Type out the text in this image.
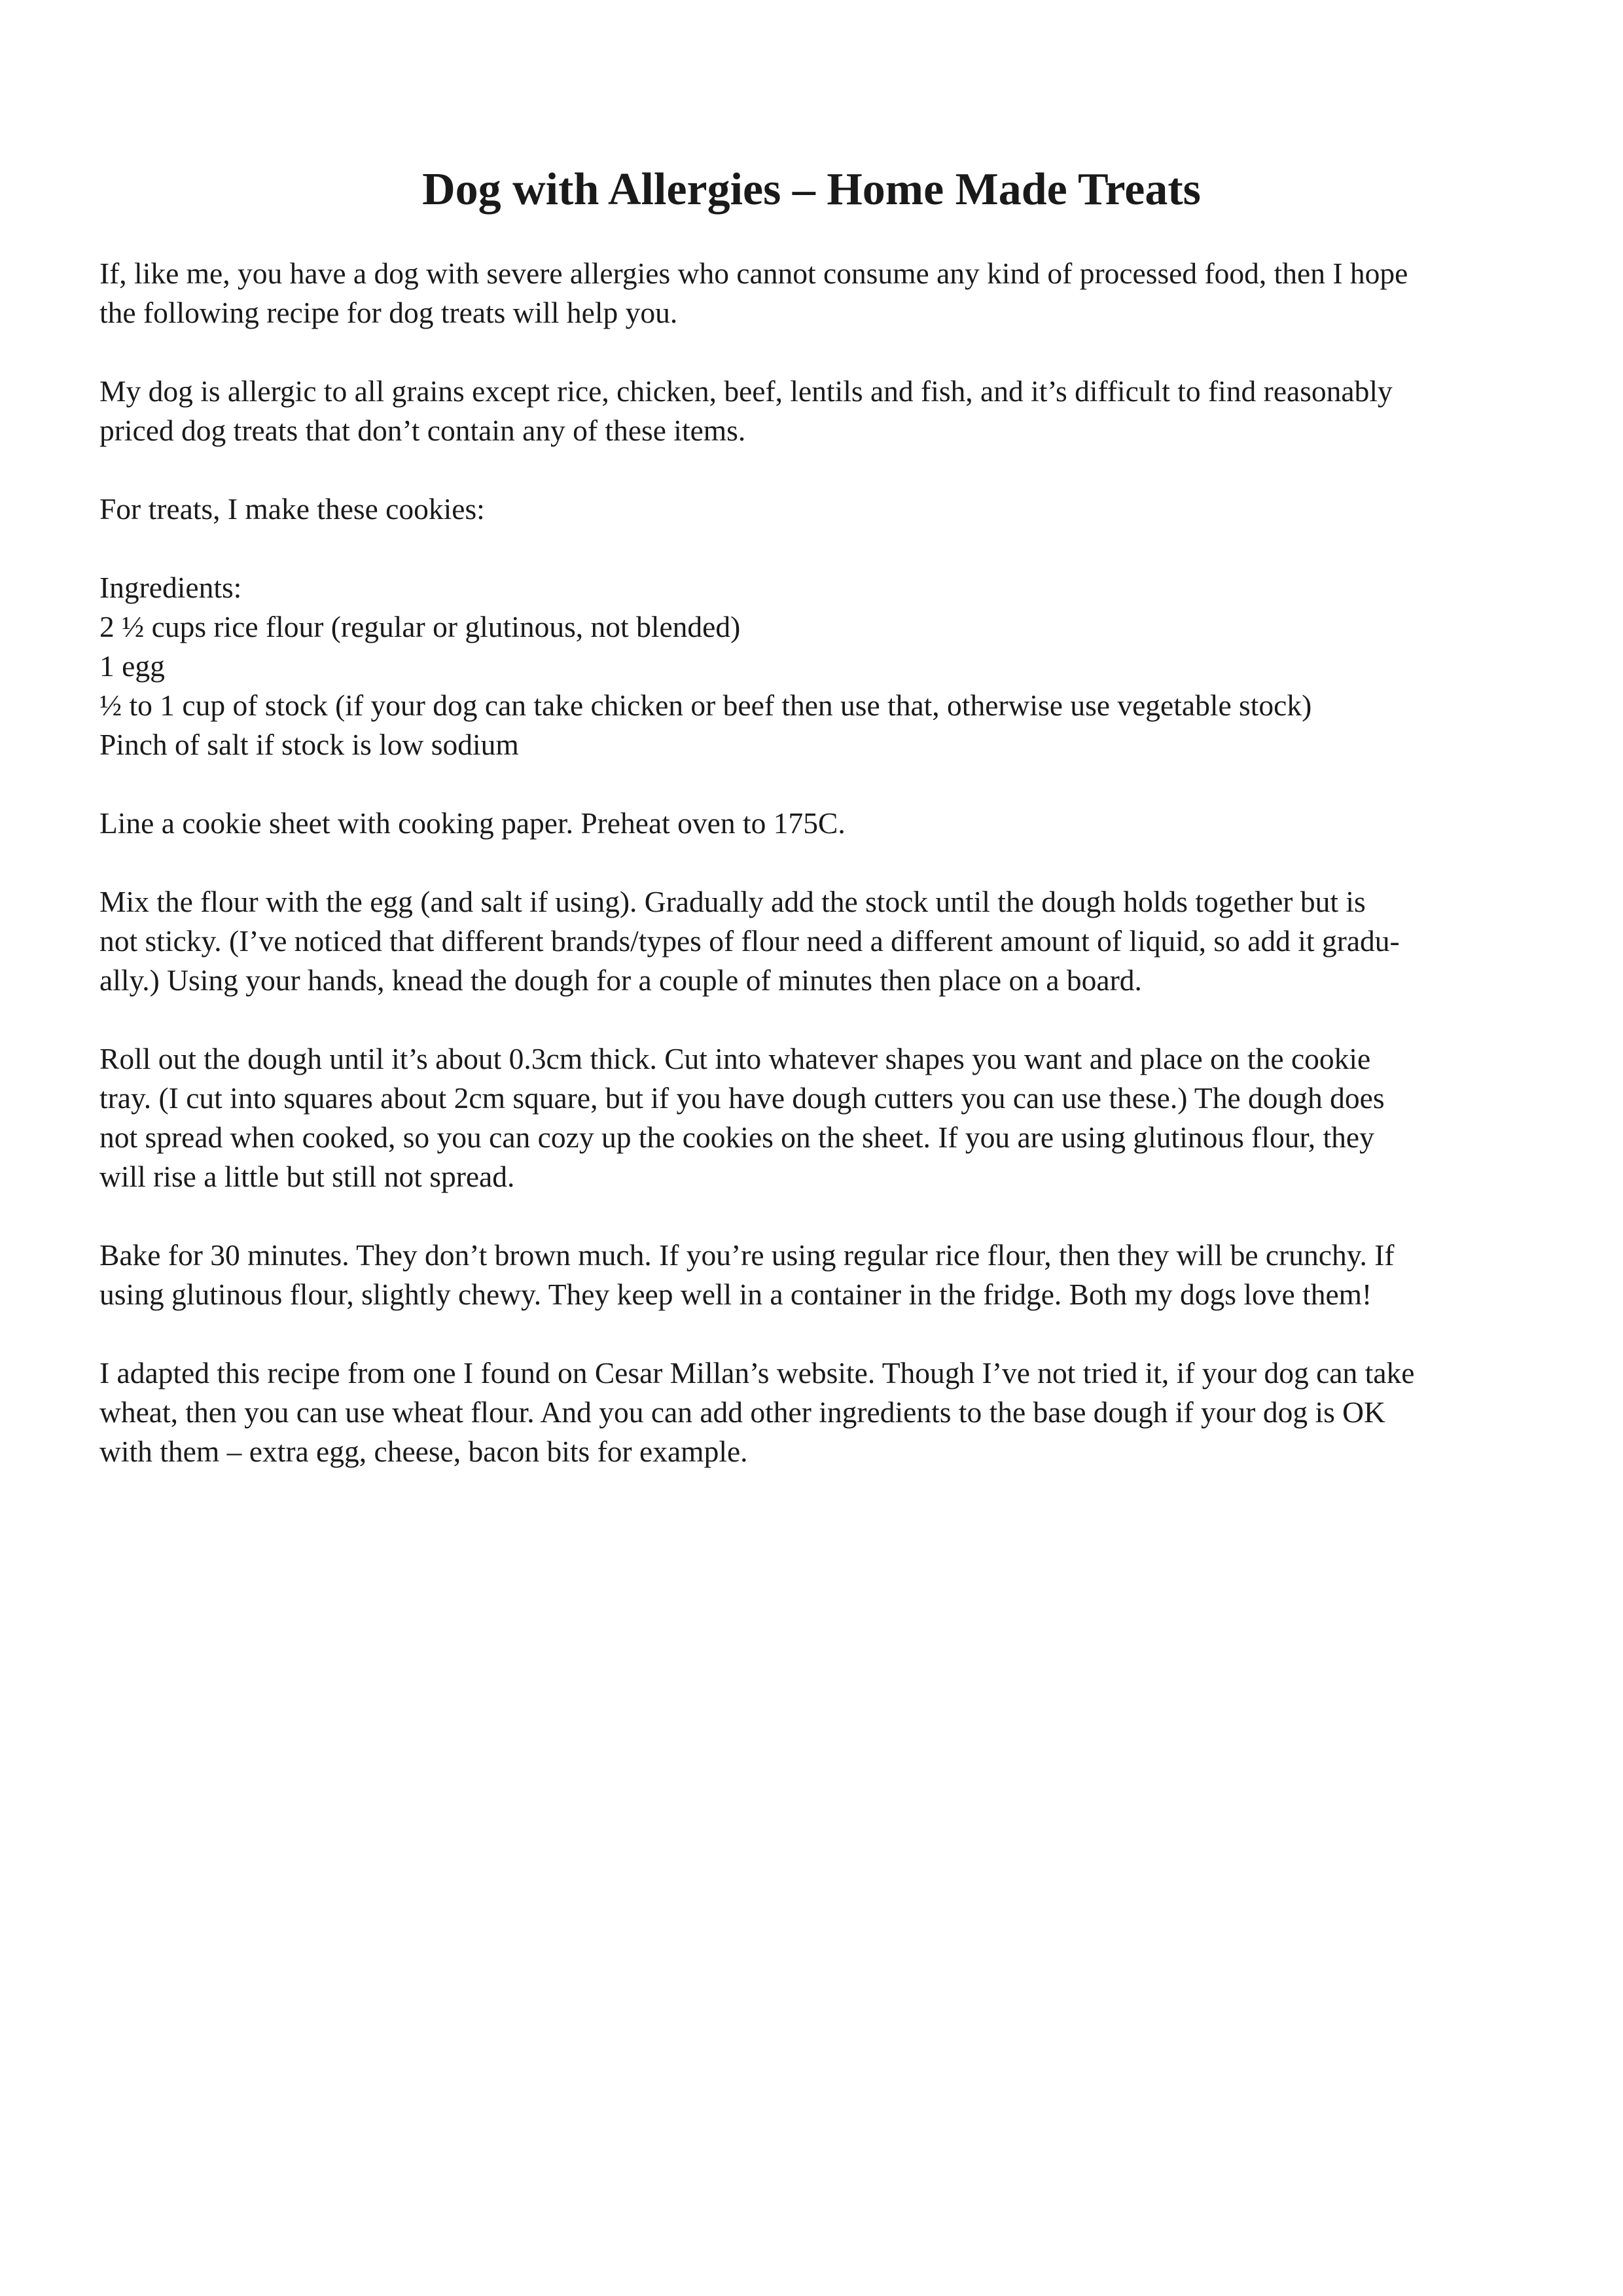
Dog with Allergies – Home Made Treats

If, like me, you have a dog with severe allergies who cannot consume any kind of processed food, then I hope
the following recipe for dog treats will help you.

My dog is allergic to all grains except rice, chicken, beef, lentils and fish, and it’s difficult to find reasonably
priced dog treats that don’t contain any of these items.

For treats, I make these cookies:

Ingredients:
2 ½ cups rice flour (regular or glutinous, not blended)
1 egg
½ to 1 cup of stock (if your dog can take chicken or beef then use that, otherwise use vegetable stock)
Pinch of salt if stock is low sodium

Line a cookie sheet with cooking paper. Preheat oven to 175C.

Mix the flour with the egg (and salt if using). Gradually add the stock until the dough holds together but is
not sticky. (I’ve noticed that different brands/types of flour need a different amount of liquid, so add it gradu-
ally.) Using your hands, knead the dough for a couple of minutes then place on a board.

Roll out the dough until it’s about 0.3cm thick. Cut into whatever shapes you want and place on the cookie
tray. (I cut into squares about 2cm square, but if you have dough cutters you can use these.) The dough does
not spread when cooked, so you can cozy up the cookies on the sheet. If you are using glutinous flour, they
will rise a little but still not spread.

Bake for 30 minutes. They don’t brown much. If you’re using regular rice flour, then they will be crunchy. If
using glutinous flour, slightly chewy. They keep well in a container in the fridge. Both my dogs love them!

I adapted this recipe from one I found on Cesar Millan’s website. Though I’ve not tried it, if your dog can take
wheat, then you can use wheat flour. And you can add other ingredients to the base dough if your dog is OK
with them – extra egg, cheese, bacon bits for example.
